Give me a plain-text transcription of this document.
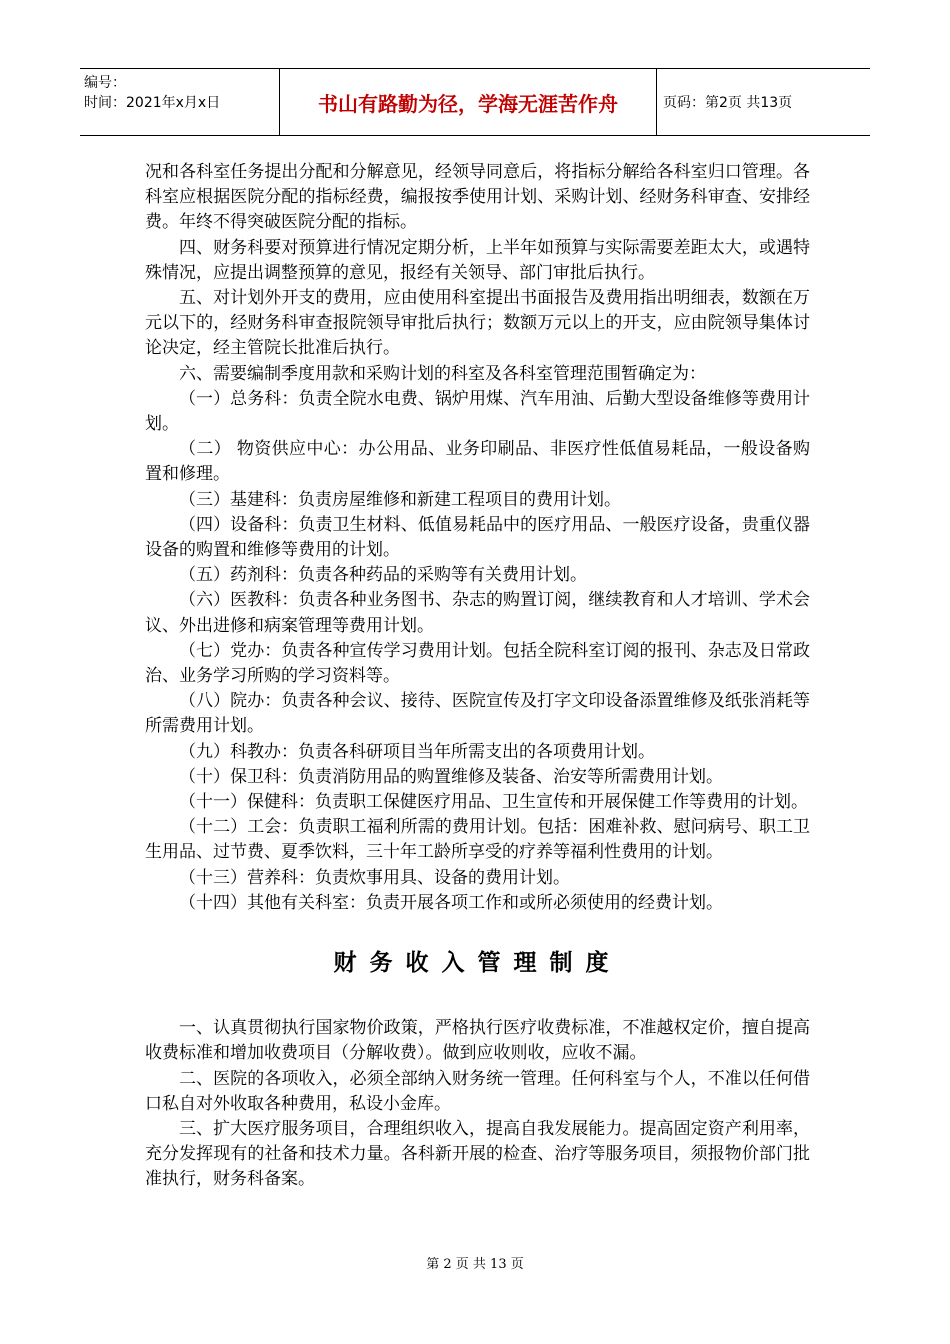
编号：
时间：2021年x月x日	书山有路勤为径，学海无涯苦作舟	页码：第2页 共13页

况和各科室任务提出分配和分解意见，经领导同意后，将指标分解给各科室归口管理。各科室应根据医院分配的指标经费，编报按季使用计划、采购计划、经财务科审查、安排经费。年终不得突破医院分配的指标。

四、财务科要对预算进行情况定期分析，上半年如预算与实际需要差距太大，或遇特殊情况，应提出调整预算的意见，报经有关领导、部门审批后执行。

五、对计划外开支的费用，应由使用科室提出书面报告及费用指出明细表，数额在万元以下的，经财务科审查报院领导审批后执行；数额万元以上的开支，应由院领导集体讨论决定，经主管院长批准后执行。

六、需要编制季度用款和采购计划的科室及各科室管理范围暂确定为：

（一）总务科：负责全院水电费、锅炉用煤、汽车用油、后勤大型设备维修等费用计划。

（二） 物资供应中心：办公用品、业务印刷品、非医疗性低值易耗品，一般设备购置和修理。

（三）基建科：负责房屋维修和新建工程项目的费用计划。

（四）设备科：负责卫生材料、低值易耗品中的医疗用品、一般医疗设备，贵重仪器设备的购置和维修等费用的计划。

（五）药剂科：负责各种药品的采购等有关费用计划。

（六）医教科：负责各种业务图书、杂志的购置订阅，继续教育和人才培训、学术会议、外出进修和病案管理等费用计划。

（七）党办：负责各种宣传学习费用计划。包括全院科室订阅的报刊、杂志及日常政治、业务学习所购的学习资料等。

（八）院办：负责各种会议、接待、医院宣传及打字文印设备添置维修及纸张消耗等所需费用计划。

（九）科教办：负责各科研项目当年所需支出的各项费用计划。

（十）保卫科：负责消防用品的购置维修及装备、治安等所需费用计划。

（十一）保健科：负责职工保健医疗用品、卫生宣传和开展保健工作等费用的计划。

（十二）工会：负责职工福利所需的费用计划。包括：困难补救、慰问病号、职工卫生用品、过节费、夏季饮料，三十年工龄所享受的疗养等福利性费用的计划。

（十三）营养科：负责炊事用具、设备的费用计划。

（十四）其他有关科室：负责开展各项工作和或所必须使用的经费计划。

财务收入管理制度

一、认真贯彻执行国家物价政策，严格执行医疗收费标准，不准越权定价，擅自提高收费标准和增加收费项目（分解收费）。做到应收则收，应收不漏。

二、医院的各项收入，必须全部纳入财务统一管理。任何科室与个人，不准以任何借口私自对外收取各种费用，私设小金库。

三、扩大医疗服务项目，合理组织收入，提高自我发展能力。提高固定资产利用率，充分发挥现有的社备和技术力量。各科新开展的检查、治疗等服务项目，须报物价部门批准执行，财务科备案。

第 2 页 共 13 页
